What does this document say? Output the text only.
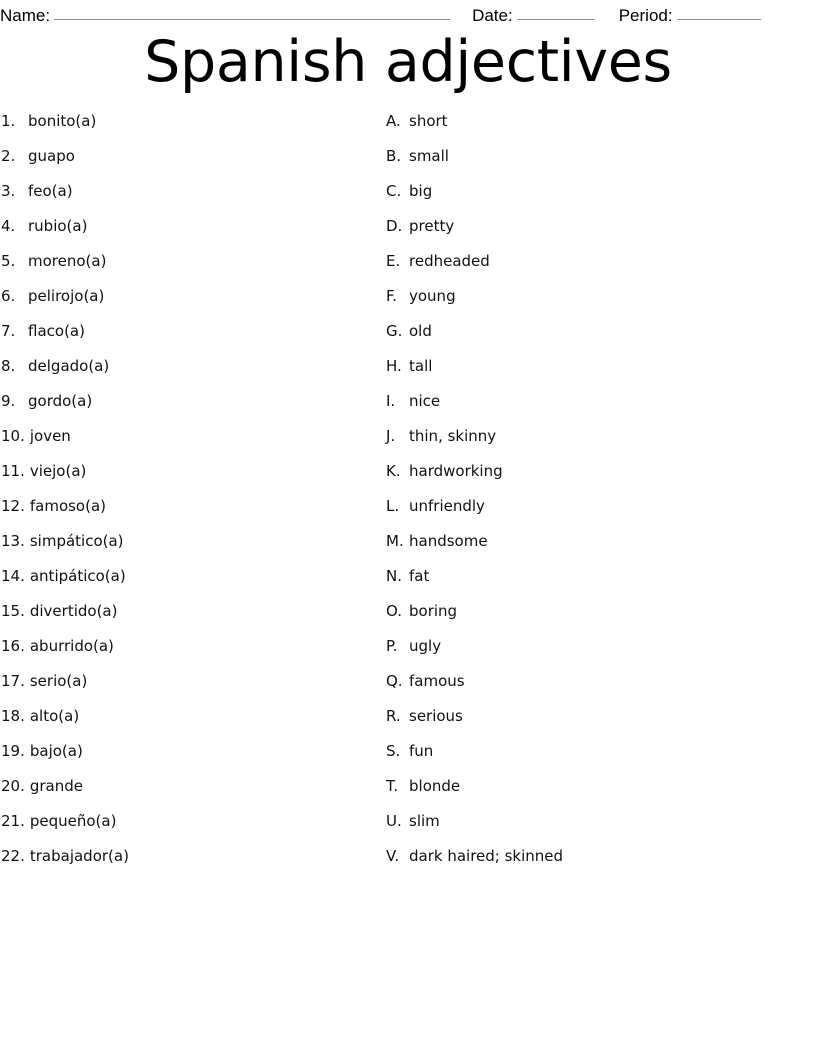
Name:	Date:	Period:
Spanish adjectives
1. bonito(a)
2. guapo
3. feo(a)
4. rubio(a)
5. moreno(a)
6. pelirojo(a)
7. flaco(a)
8. delgado(a)
9. gordo(a)
10. joven
11. viejo(a)
12. famoso(a)
13. simpático(a)
14. antipático(a)
15. divertido(a)
16. aburrido(a)
17. serio(a)
18. alto(a)
19. bajo(a)
20. grande
21. pequeño(a)
22. trabajador(a)
A. short
B. small
C. big
D. pretty
E. redheaded
F. young
G. old
H. tall
I. nice
J. thin, skinny
K. hardworking
L. unfriendly
M. handsome
N. fat
O. boring
P. ugly
Q. famous
R. serious
S. fun
T. blonde
U. slim
V. dark haired; skinned
